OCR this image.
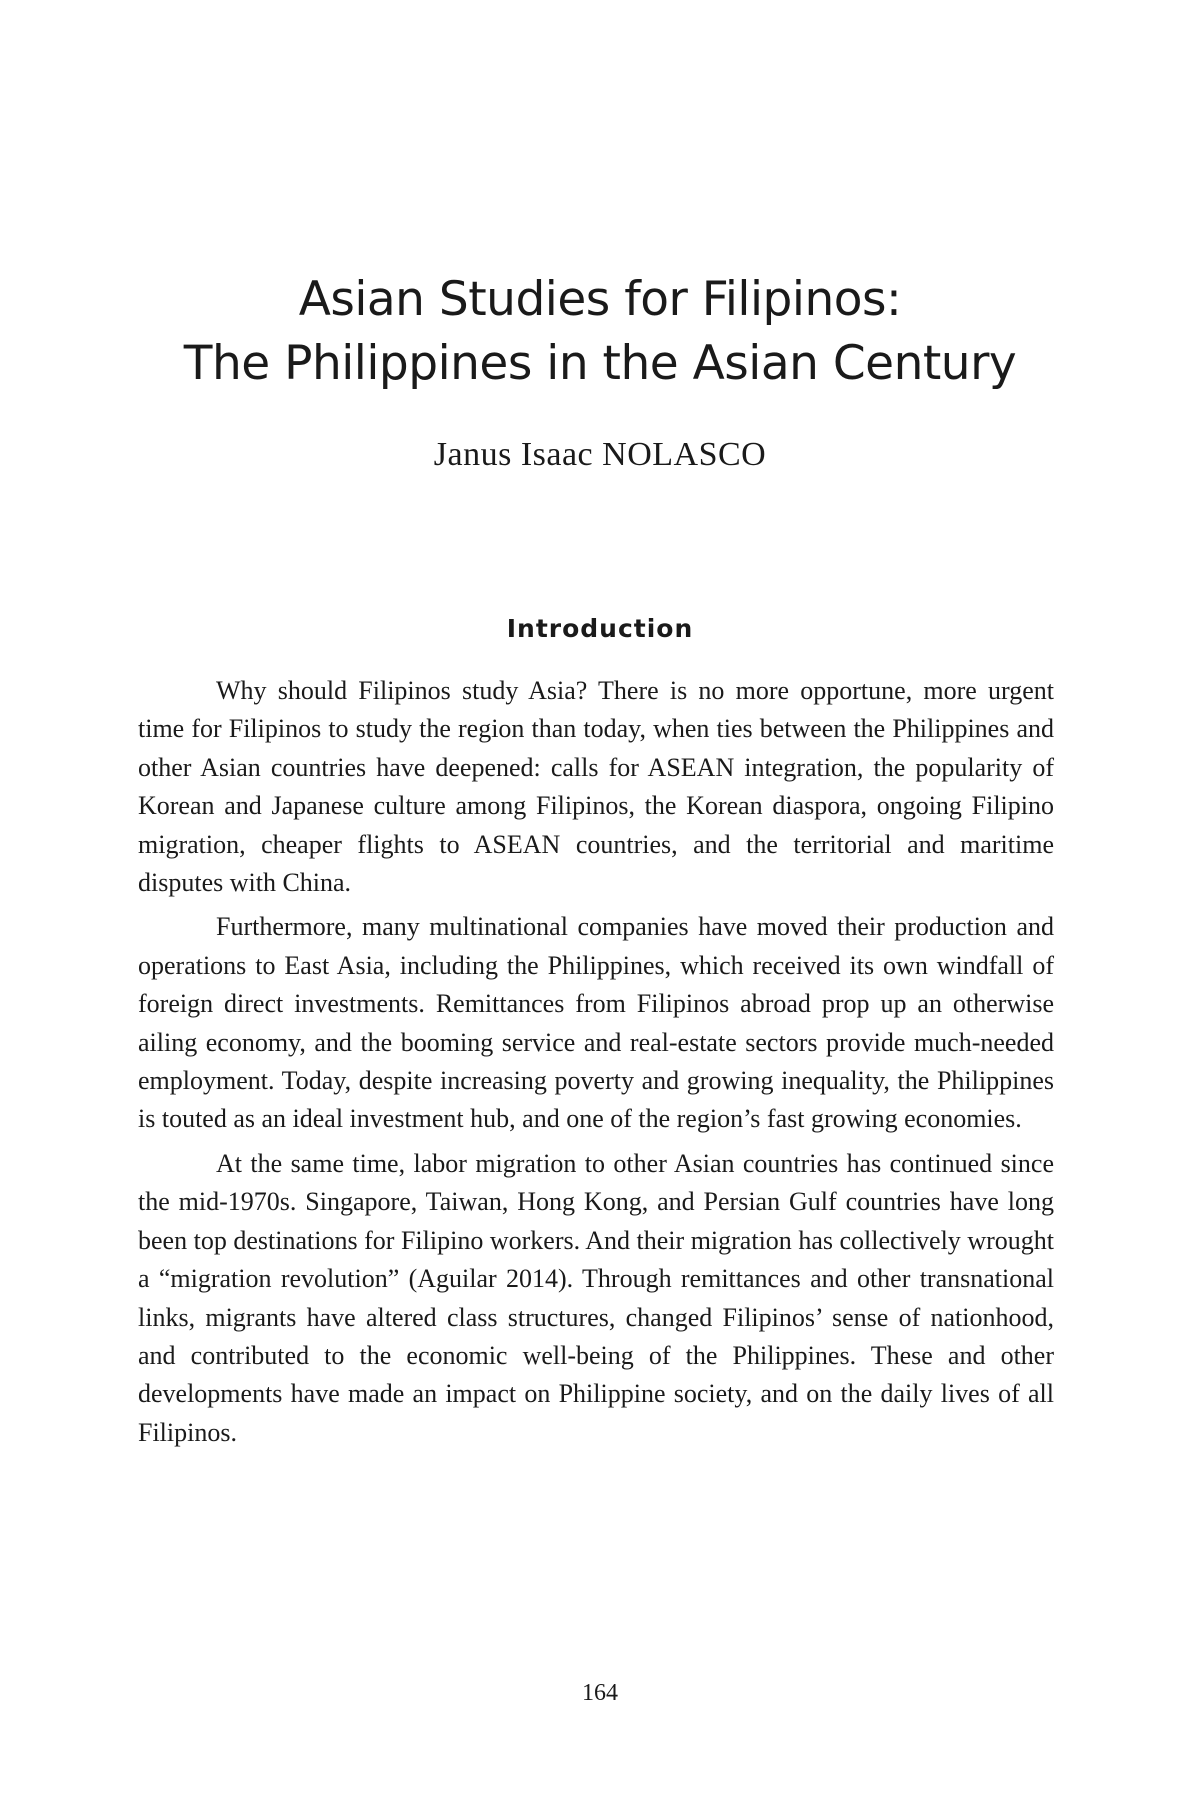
Asian Studies for Filipinos:
The Philippines in the Asian Century
Janus Isaac NOLASCO
Introduction

Why should Filipinos study Asia? There is no more opportune, more urgent time for Filipinos to study the region than today, when ties between the Philippines and other Asian countries have deepened: calls for ASEAN integration, the popularity of Korean and Japanese culture among Filipinos, the Korean diaspora, ongoing Filipino migration, cheaper flights to ASEAN countries, and the territorial and maritime disputes with China.

Furthermore, many multinational companies have moved their production and operations to East Asia, including the Philippines, which received its own windfall of foreign direct investments. Remittances from Filipinos abroad prop up an otherwise ailing economy, and the booming service and real-estate sectors provide much-needed employment. Today, despite increasing poverty and growing inequality, the Philippines is touted as an ideal investment hub, and one of the region’s fast growing economies.

At the same time, labor migration to other Asian countries has continued since the mid-1970s. Singapore, Taiwan, Hong Kong, and Persian Gulf countries have long been top destinations for Filipino workers. And their migration has collectively wrought a “migration revolution” (Aguilar 2014). Through remittances and other transnational links, migrants have altered class structures, changed Filipinos’ sense of nationhood, and contributed to the economic well-being of the Philippines. These and other developments have made an impact on Philippine society, and on the daily lives of all Filipinos.

164
